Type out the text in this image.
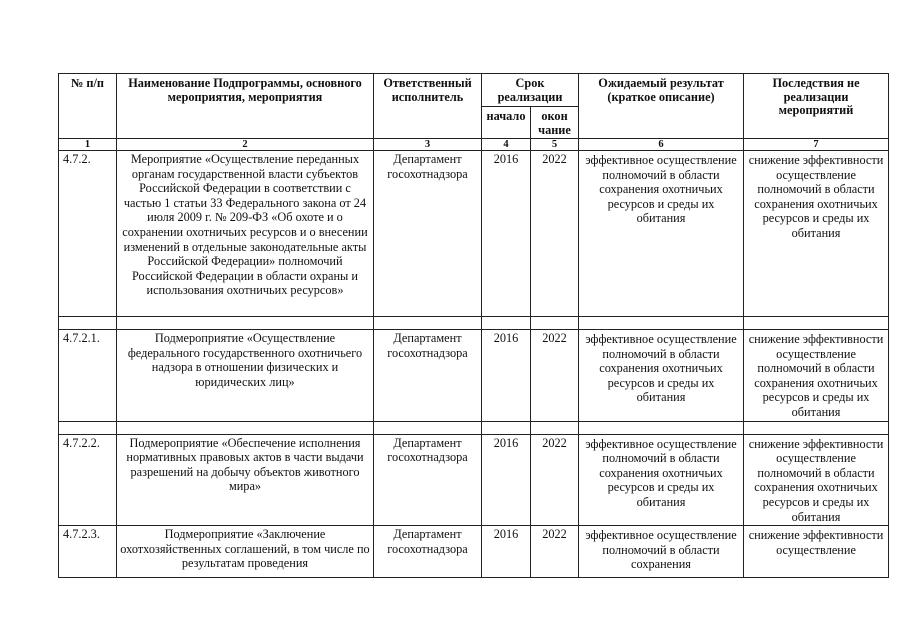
№ п/п	Наименование Подпрограммы, основного мероприятия, мероприятия	Ответственный исполнитель	Срок реализации		Ожидаемый результат (краткое описание)	Последствия не реализации мероприятий
			начало	окон чание		
1	2	3	4	5	6	7
4.7.2.	Мероприятие «Осуществление переданных органам государственной власти субъектов Российской Федерации в соответствии с частью 1 статьи 33 Федерального закона от 24 июля 2009 г. № 209-ФЗ «Об охоте и о сохранении охотничьих ресурсов и о внесении изменений в отдельные законодательные акты Российской Федерации» полномочий Российской Федерации в области охраны и использования охотничьих ресурсов»	Департамент госохотнадзора	2016	2022	эффективное осуществление полномочий в области сохранения охотничьих ресурсов и среды их обитания	снижение эффективности осуществление полномочий в области сохранения охотничьих ресурсов и среды их обитания

4.7.2.1.	Подмероприятие «Осуществление федерального государственного охотничьего надзора в отношении физических и юридических лиц»	Департамент госохотнадзора	2016	2022	эффективное осуществление полномочий в области сохранения охотничьих ресурсов и среды их обитания	снижение эффективности осуществление полномочий в области сохранения охотничьих ресурсов и среды их обитания

4.7.2.2.	Подмероприятие «Обеспечение исполнения нормативных правовых актов в части выдачи разрешений на добычу объектов животного мира»	Департамент госохотнадзора	2016	2022	эффективное осуществление полномочий в области сохранения охотничьих ресурсов и среды их обитания	снижение эффективности осуществление полномочий в области сохранения охотничьих ресурсов и среды их обитания
4.7.2.3.	Подмероприятие «Заключение охотхозяйственных соглашений, в том числе по результатам проведения	Департамент госохотнадзора	2016	2022	эффективное осуществление полномочий в области сохранения	снижение эффективности осуществление
